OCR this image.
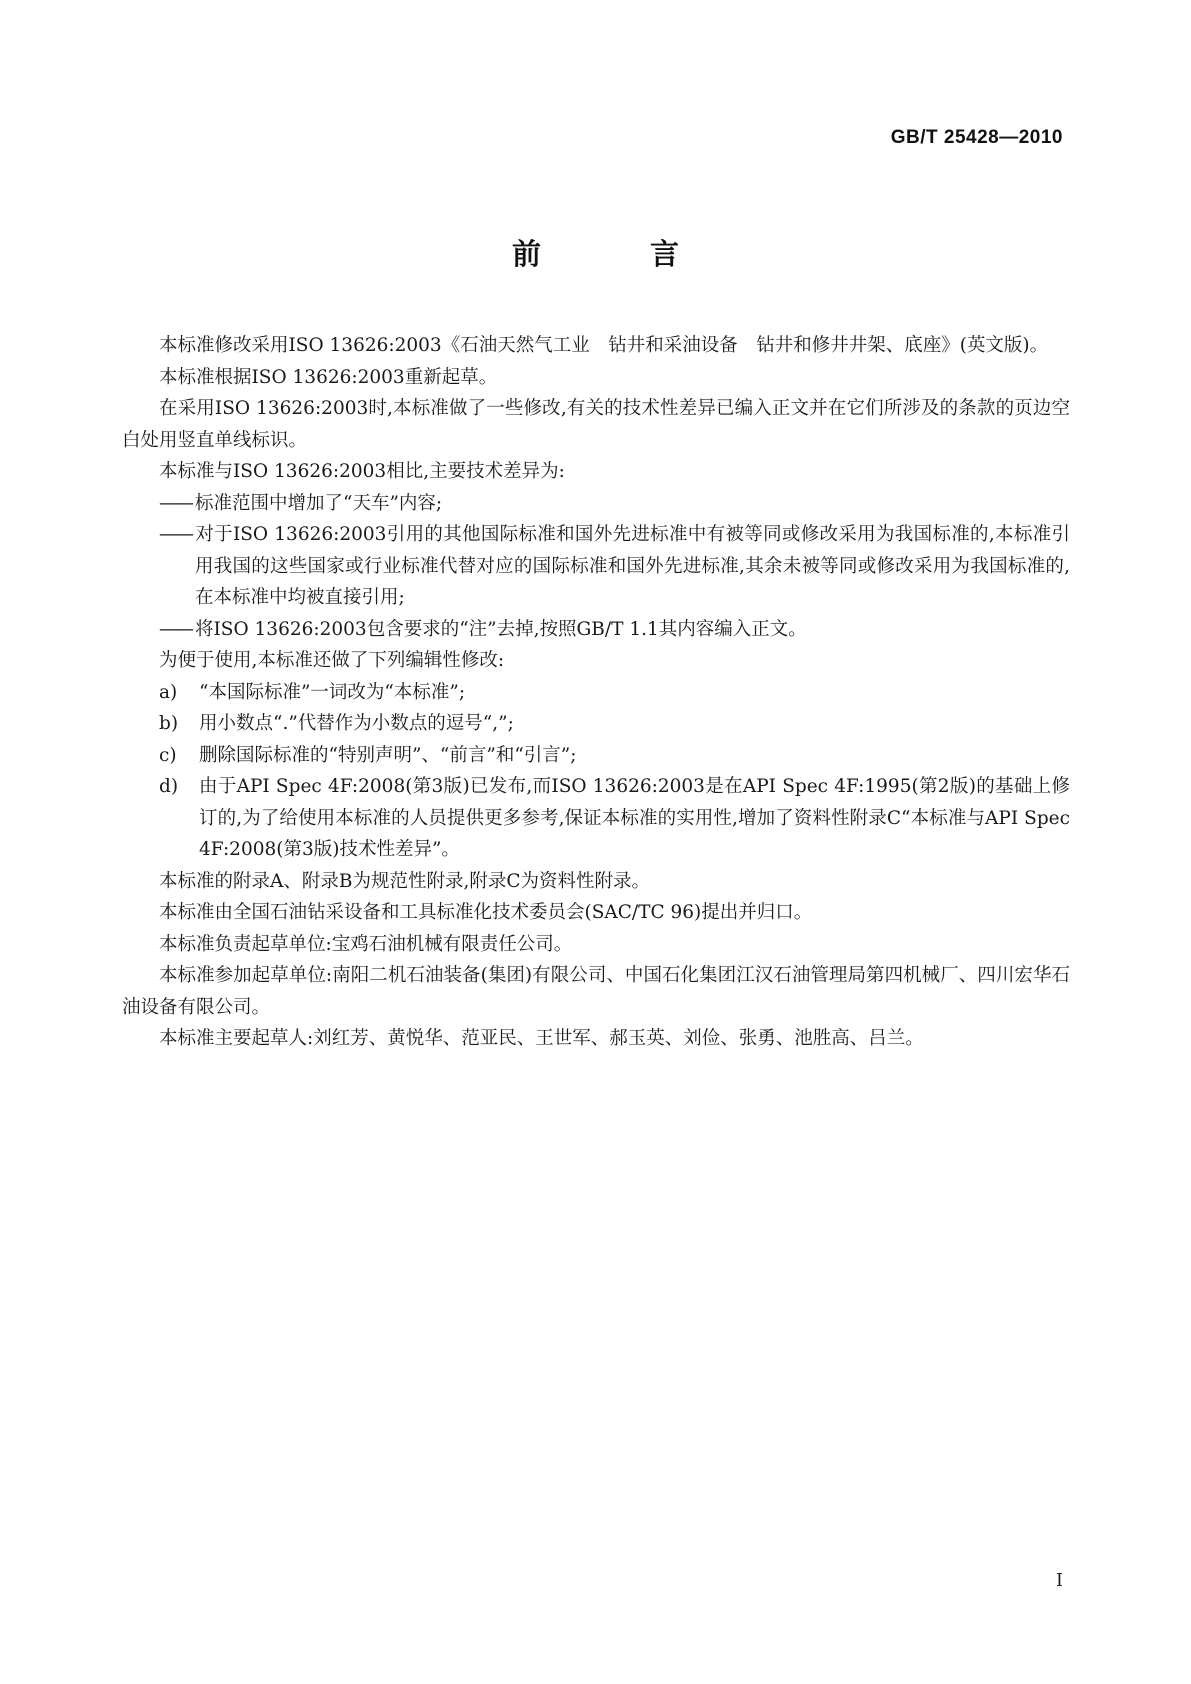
GB/T 25428—2010
前　言

本标准修改采用ISO 13626:2003《石油天然气工业　钻井和采油设备　钻井和修井井架、底座》(英文版)。

本标准根据ISO 13626:2003重新起草。

在采用ISO 13626:2003时,本标准做了一些修改,有关的技术性差异已编入正文并在它们所涉及的条款的页边空白处用竖直单线标识。

本标准与ISO 13626:2003相比,主要技术差异为:

—— 标准范围中增加了“天车”内容;

—— 对于ISO 13626:2003引用的其他国际标准和国外先进标准中有被等同或修改采用为我国标准的,本标准引用我国的这些国家或行业标准代替对应的国际标准和国外先进标准,其余未被等同或修改采用为我国标准的,在本标准中均被直接引用;

—— 将ISO 13626:2003包含要求的“注”去掉,按照GB/T 1.1其内容编入正文。

为便于使用,本标准还做了下列编辑性修改:

a)	“本国际标准”一词改为“本标准”;
b)	用小数点“.”代替作为小数点的逗号“,”;
c)	删除国际标准的“特别声明”、“前言”和“引言”;
d)	由于API Spec 4F:2008(第3版)已发布,而ISO 13626:2003是在API Spec 4F:1995(第2版)的基础上修订的,为了给使用本标准的人员提供更多参考,保证本标准的实用性,增加了资料性附录C“本标准与API Spec 4F:2008(第3版)技术性差异”。

本标准的附录A、附录B为规范性附录,附录C为资料性附录。

本标准由全国石油钻采设备和工具标准化技术委员会(SAC/TC 96)提出并归口。

本标准负责起草单位:宝鸡石油机械有限责任公司。

本标准参加起草单位:南阳二机石油装备(集团)有限公司、中国石化集团江汉石油管理局第四机械厂、四川宏华石油设备有限公司。

本标准主要起草人:刘红芳、黄悦华、范亚民、王世军、郝玉英、刘俭、张勇、池胜高、吕兰。

I
